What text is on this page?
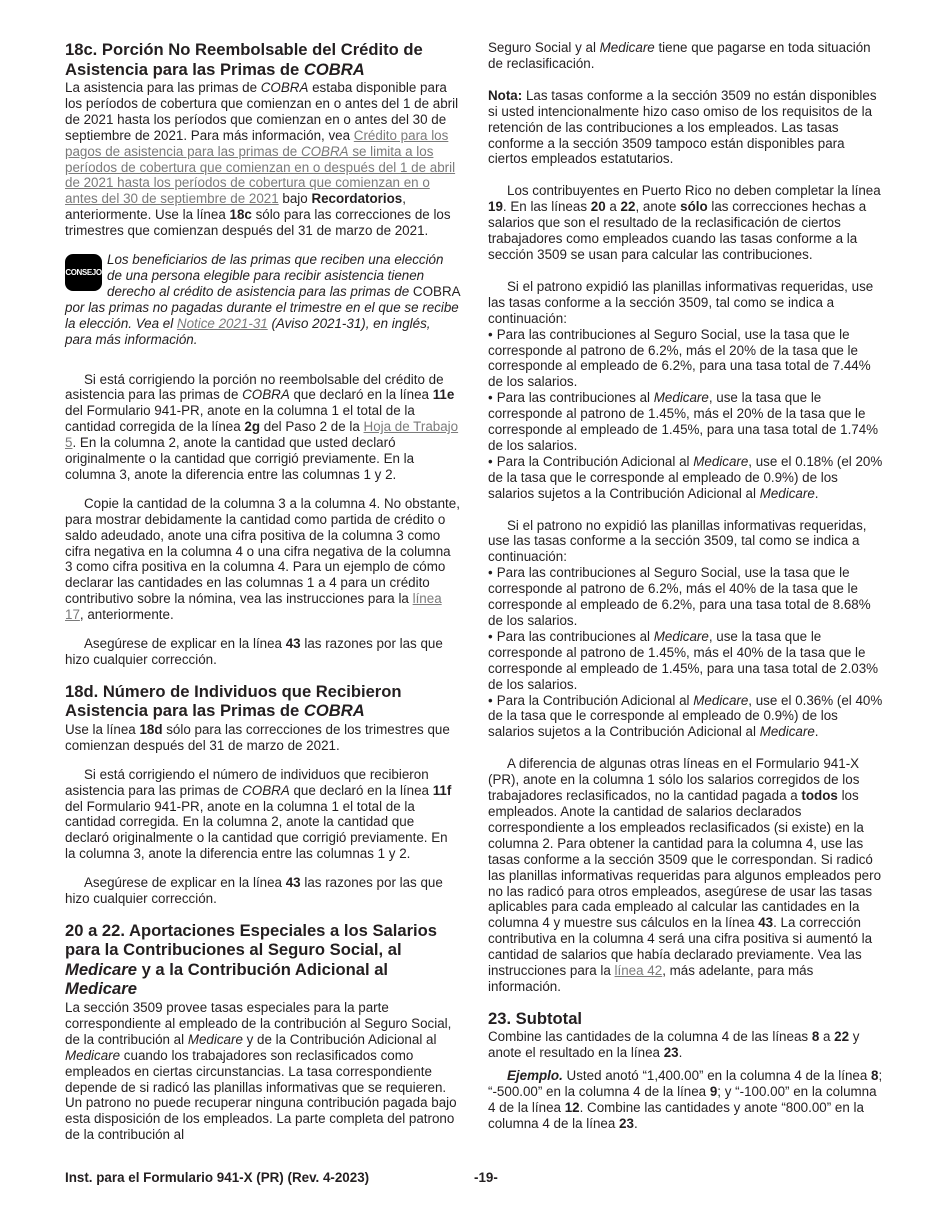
18c. Porción No Reembolsable del Crédito de Asistencia para las Primas de COBRA

La asistencia para las primas de COBRA estaba disponible para los períodos de cobertura que comienzan en o antes del 1 de abril de 2021 hasta los períodos que comienzan en o antes del 30 de septiembre de 2021. Para más información, vea Crédito para los pagos de asistencia para las primas de COBRA se limita a los períodos de cobertura que comienzan en o después del 1 de abril de 2021 hasta los períodos de cobertura que comienzan en o antes del 30 de septiembre de 2021 bajo Recordatorios, anteriormente. Use la línea 18c sólo para las correcciones de los trimestres que comienzan después del 31 de marzo de 2021.

CONSEJO
Los beneficiarios de las primas que reciben una elección de una persona elegible para recibir asistencia tienen derecho al crédito de asistencia para las primas de COBRA por las primas no pagadas durante el trimestre en el que se recibe la elección. Vea el Notice 2021-31 (Aviso 2021-31), en inglés, para más información.

Si está corrigiendo la porción no reembolsable del crédito de asistencia para las primas de COBRA que declaró en la línea 11e del Formulario 941-PR, anote en la columna 1 el total de la cantidad corregida de la línea 2g del Paso 2 de la Hoja de Trabajo 5. En la columna 2, anote la cantidad que usted declaró originalmente o la cantidad que corrigió previamente. En la columna 3, anote la diferencia entre las columnas 1 y 2.

Copie la cantidad de la columna 3 a la columna 4. No obstante, para mostrar debidamente la cantidad como partida de crédito o saldo adeudado, anote una cifra positiva de la columna 3 como cifra negativa en la columna 4 o una cifra negativa de la columna 3 como cifra positiva en la columna 4. Para un ejemplo de cómo declarar las cantidades en las columnas 1 a 4 para un crédito contributivo sobre la nómina, vea las instrucciones para la línea 17, anteriormente.

Asegúrese de explicar en la línea 43 las razones por las que hizo cualquier corrección.

18d. Número de Individuos que Recibieron Asistencia para las Primas de COBRA

Use la línea 18d sólo para las correcciones de los trimestres que comienzan después del 31 de marzo de 2021.

Si está corrigiendo el número de individuos que recibieron asistencia para las primas de COBRA que declaró en la línea 11f del Formulario 941-PR, anote en la columna 1 el total de la cantidad corregida. En la columna 2, anote la cantidad que declaró originalmente o la cantidad que corrigió previamente. En la columna 3, anote la diferencia entre las columnas 1 y 2.

Asegúrese de explicar en la línea 43 las razones por las que hizo cualquier corrección.

20 a 22. Aportaciones Especiales a los Salarios para la Contribuciones al Seguro Social, al Medicare y a la Contribución Adicional al Medicare

La sección 3509 provee tasas especiales para la parte correspondiente al empleado de la contribución al Seguro Social, de la contribución al Medicare y de la Contribución Adicional al Medicare cuando los trabajadores son reclasificados como empleados en ciertas circunstancias. La tasa correspondiente depende de si radicó las planillas informativas que se requieren. Un patrono no puede recuperar ninguna contribución pagada bajo esta disposición de los empleados. La parte completa del patrono de la contribución al

Seguro Social y al Medicare tiene que pagarse en toda situación de reclasificación.

Nota: Las tasas conforme a la sección 3509 no están disponibles si usted intencionalmente hizo caso omiso de los requisitos de la retención de las contribuciones a los empleados. Las tasas conforme a la sección 3509 tampoco están disponibles para ciertos empleados estatutarios.

Los contribuyentes en Puerto Rico no deben completar la línea 19. En las líneas 20 a 22, anote sólo las correcciones hechas a salarios que son el resultado de la reclasificación de ciertos trabajadores como empleados cuando las tasas conforme a la sección 3509 se usan para calcular las contribuciones.

Si el patrono expidió las planillas informativas requeridas, use las tasas conforme a la sección 3509, tal como se indica a continuación:

• Para las contribuciones al Seguro Social, use la tasa que le corresponde al patrono de 6.2%, más el 20% de la tasa que le corresponde al empleado de 6.2%, para una tasa total de 7.44% de los salarios.

• Para las contribuciones al Medicare, use la tasa que le corresponde al patrono de 1.45%, más el 20% de la tasa que le corresponde al empleado de 1.45%, para una tasa total de 1.74% de los salarios.

• Para la Contribución Adicional al Medicare, use el 0.18% (el 20% de la tasa que le corresponde al empleado de 0.9%) de los salarios sujetos a la Contribución Adicional al Medicare.

Si el patrono no expidió las planillas informativas requeridas, use las tasas conforme a la sección 3509, tal como se indica a continuación:

• Para las contribuciones al Seguro Social, use la tasa que le corresponde al patrono de 6.2%, más el 40% de la tasa que le corresponde al empleado de 6.2%, para una tasa total de 8.68% de los salarios.

• Para las contribuciones al Medicare, use la tasa que le corresponde al patrono de 1.45%, más el 40% de la tasa que le corresponde al empleado de 1.45%, para una tasa total de 2.03% de los salarios.

• Para la Contribución Adicional al Medicare, use el 0.36% (el 40% de la tasa que le corresponde al empleado de 0.9%) de los salarios sujetos a la Contribución Adicional al Medicare.

A diferencia de algunas otras líneas en el Formulario 941-X (PR), anote en la columna 1 sólo los salarios corregidos de los trabajadores reclasificados, no la cantidad pagada a todos los empleados. Anote la cantidad de salarios declarados correspondiente a los empleados reclasificados (si existe) en la columna 2. Para obtener la cantidad para la columna 4, use las tasas conforme a la sección 3509 que le correspondan. Si radicó las planillas informativas requeridas para algunos empleados pero no las radicó para otros empleados, asegúrese de usar las tasas aplicables para cada empleado al calcular las cantidades en la columna 4 y muestre sus cálculos en la línea 43. La corrección contributiva en la columna 4 será una cifra positiva si aumentó la cantidad de salarios que había declarado previamente. Vea las instrucciones para la línea 42, más adelante, para más información.

23. Subtotal

Combine las cantidades de la columna 4 de las líneas 8 a 22 y anote el resultado en la línea 23.

Ejemplo. Usted anotó “1,400.00” en la columna 4 de la línea 8; “-500.00” en la columna 4 de la línea 9; y “-100.00” en la columna 4 de la línea 12. Combine las cantidades y anote “800.00” en la columna 4 de la línea 23.

Inst. para el Formulario 941-X (PR) (Rev. 4-2023)	-19-
